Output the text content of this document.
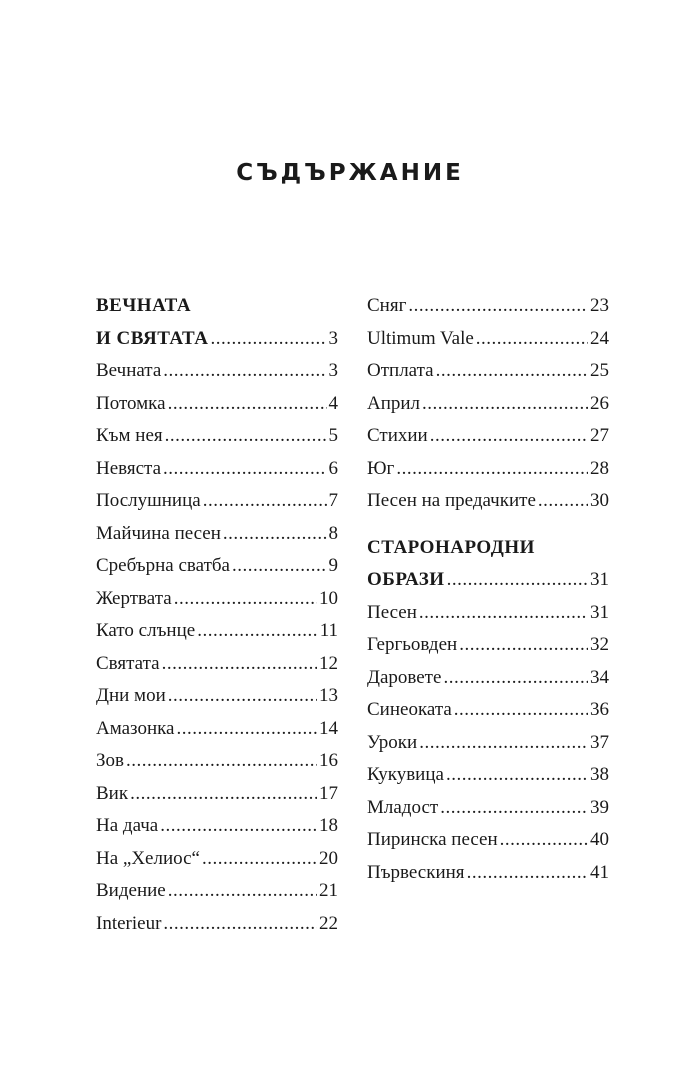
СЪДЪРЖАНИЕ
ВЕЧНАТА
И СВЯТАТА .....	3
Вечната .....	3
Потомка .....	4
Към нея .....	5
Невяста .....	6
Послушница .....	7
Майчина песен .....	8
Сребърна сватба .....	9
Жертвата .....	10
Като слънце .....	11
Святата .....	12
Дни мои .....	13
Амазонка .....	14
Зов .....	16
Вик .....	17
На дача .....	18
На „Хелиос“ .....	20
Видение .....	21
Interieur .....	22
Сняг .....	23
Ultimum Vale .....	24
Отплата .....	25
Април .....	26
Стихии .....	27
Юг .....	28
Песен на предачките .....	30
СТАРОНАРОДНИ
ОБРАЗИ .....	31
Песен .....	31
Гергьовден .....	32
Даровете .....	34
Синеоката .....	36
Уроки .....	37
Кукувица .....	38
Младост .....	39
Пиринска песен .....	40
Първескиня .....	41
